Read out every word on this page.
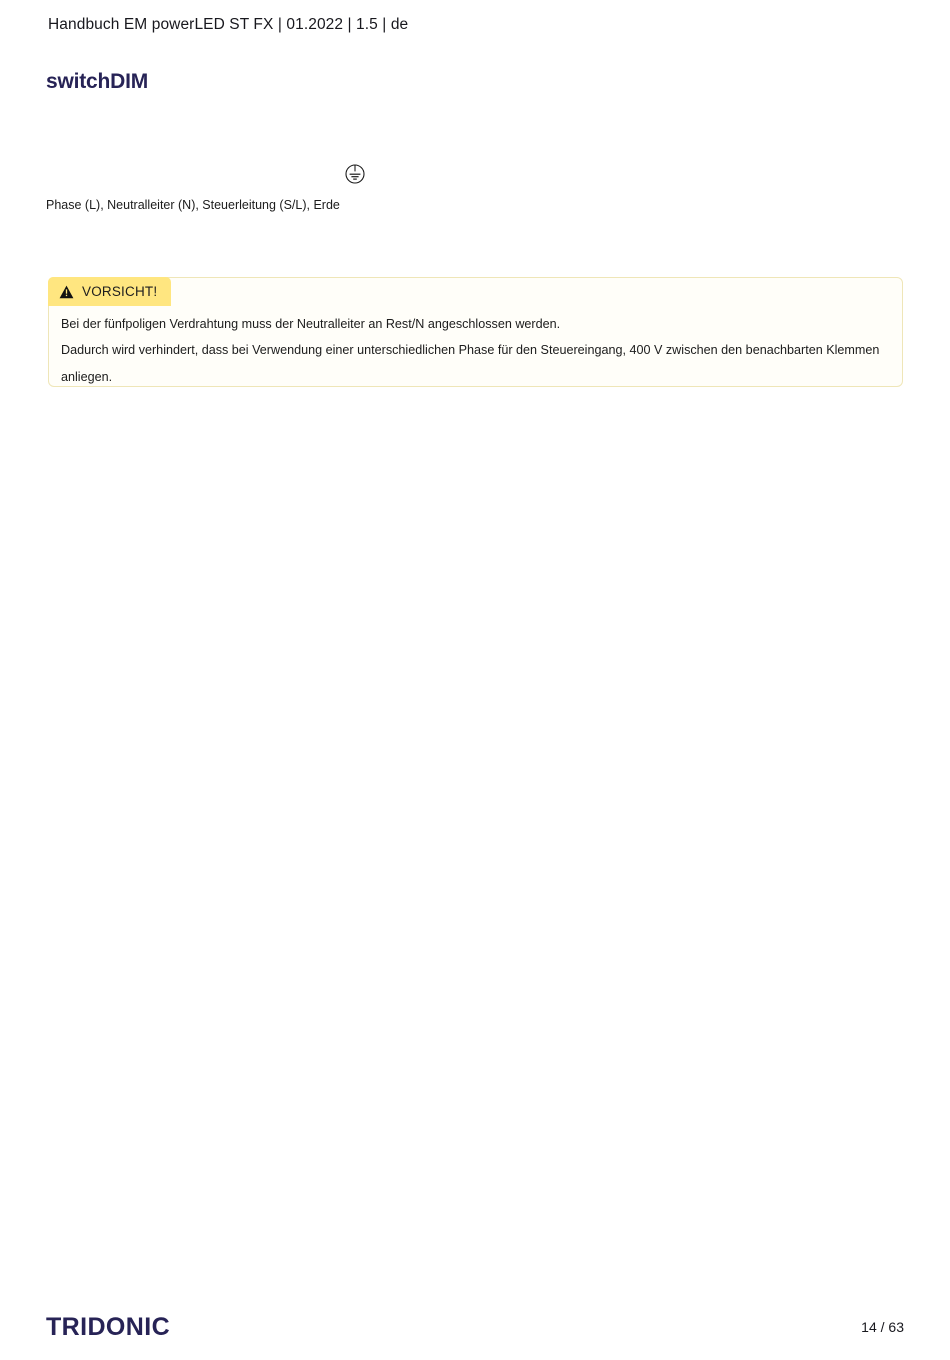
Handbuch EM powerLED ST FX | 01.2022 | 1.5 | de
switchDIM
Phase (L), Neutralleiter (N), Steuerleitung (S/L), Erde
VORSICHT!

Bei der fünfpoligen Verdrahtung muss der Neutralleiter an Rest/N angeschlossen werden.

Dadurch wird verhindert, dass bei Verwendung einer unterschiedlichen Phase für den Steuereingang, 400 V zwischen den benachbarten Klemmen

anliegen.

TRIDONIC	14 / 63
